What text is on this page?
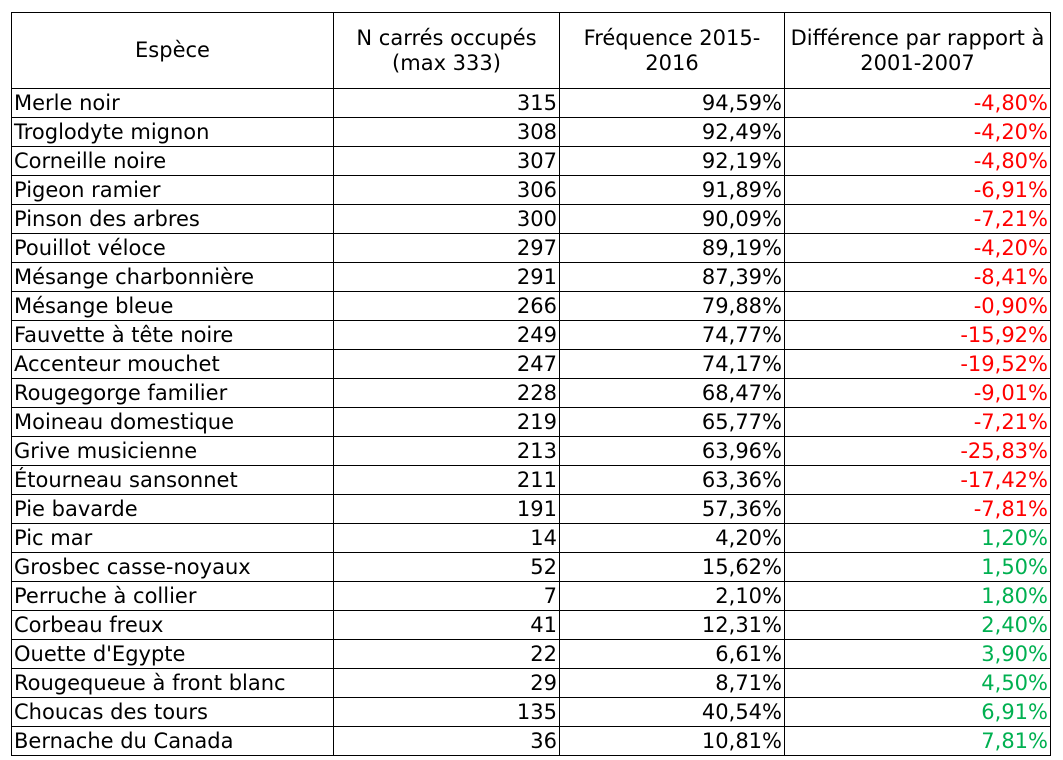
Espèce	N carrés occupés (max 333)	Fréquence 2015-2016	Différence par rapport à 2001-2007
Merle noir	315	94,59%	-4,80%
Troglodyte mignon	308	92,49%	-4,20%
Corneille noire	307	92,19%	-4,80%
Pigeon ramier	306	91,89%	-6,91%
Pinson des arbres	300	90,09%	-7,21%
Pouillot véloce	297	89,19%	-4,20%
Mésange charbonnière	291	87,39%	-8,41%
Mésange bleue	266	79,88%	-0,90%
Fauvette à tête noire	249	74,77%	-15,92%
Accenteur mouchet	247	74,17%	-19,52%
Rougegorge familier	228	68,47%	-9,01%
Moineau domestique	219	65,77%	-7,21%
Grive musicienne	213	63,96%	-25,83%
Étourneau sansonnet	211	63,36%	-17,42%
Pie bavarde	191	57,36%	-7,81%
Pic mar	14	4,20%	1,20%
Grosbec casse-noyaux	52	15,62%	1,50%
Perruche à collier	7	2,10%	1,80%
Corbeau freux	41	12,31%	2,40%
Ouette d'Egypte	22	6,61%	3,90%
Rougequeue à front blanc	29	8,71%	4,50%
Choucas des tours	135	40,54%	6,91%
Bernache du Canada	36	10,81%	7,81%
